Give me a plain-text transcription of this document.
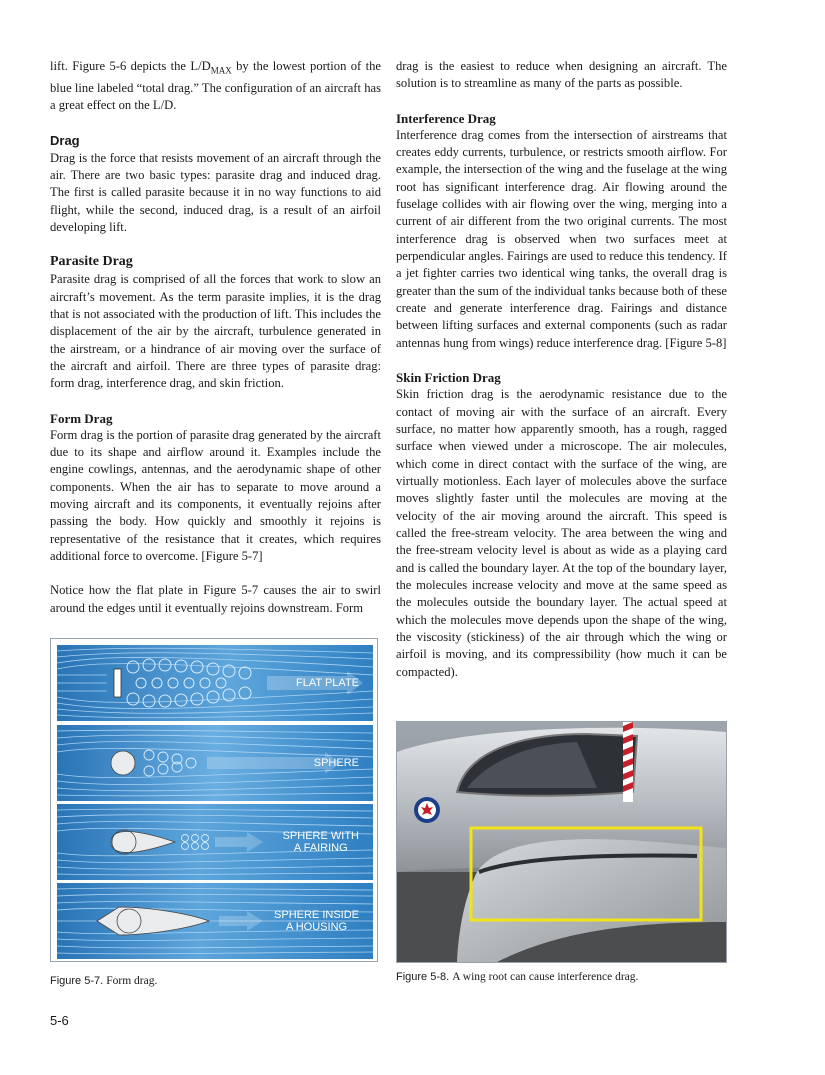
lift. Figure 5-6 depicts the $L/D_{MAX}$ by the lowest portion of the blue line labeled “total drag.” The configuration of an aircraft has a great effect on the L/D.

Drag

Drag is the force that resists movement of an aircraft through the air. There are two basic types: parasite drag and induced drag. The first is called parasite because it in no way functions to aid flight, while the second, induced drag, is a result of an airfoil developing lift.

Parasite Drag

Parasite drag is comprised of all the forces that work to slow an aircraft’s movement. As the term parasite implies, it is the drag that is not associated with the production of lift. This includes the displacement of the air by the aircraft, turbulence generated in the airstream, or a hindrance of air moving over the surface of the aircraft and airfoil. There are three types of parasite drag: form drag, interference drag, and skin friction.

Form Drag

Form drag is the portion of parasite drag generated by the aircraft due to its shape and airflow around it. Examples include the engine cowlings, antennas, and the aerodynamic shape of other components. When the air has to separate to move around a moving aircraft and its components, it eventually rejoins after passing the body. How quickly and smoothly it rejoins is representative of the resistance that it creates, which requires additional force to overcome. [Figure 5-7]

Notice how the flat plate in Figure 5-7 causes the air to swirl around the edges until it eventually rejoins downstream. Form

drag is the easiest to reduce when designing an aircraft. The solution is to streamline as many of the parts as possible.

Interference Drag

Interference drag comes from the intersection of airstreams that creates eddy currents, turbulence, or restricts smooth airflow. For example, the intersection of the wing and the fuselage at the wing root has significant interference drag. Air flowing around the fuselage collides with air flowing over the wing, merging into a current of air different from the two original currents. The most interference drag is observed when two surfaces meet at perpendicular angles. Fairings are used to reduce this tendency. If a jet fighter carries two identical wing tanks, the overall drag is greater than the sum of the individual tanks because both of these create and generate interference drag. Fairings and distance between lifting surfaces and external components (such as radar antennas hung from wings) reduce interference drag. [Figure 5-8]

Skin Friction Drag

Skin friction drag is the aerodynamic resistance due to the contact of moving air with the surface of an aircraft. Every surface, no matter how apparently smooth, has a rough, ragged surface when viewed under a microscope. The air molecules, which come in direct contact with the surface of the wing, are virtually motionless. Each layer of molecules above the surface moves slightly faster until the molecules are moving at the velocity of the air moving around the aircraft. This speed is called the free-stream velocity. The area between the wing and the free-stream velocity level is about as wide as a playing card and is called the boundary layer. At the top of the boundary layer, the molecules increase velocity and move at the same speed as the molecules outside the boundary layer. The actual speed at which the molecules move depends upon the shape of the wing, the viscosity (stickiness) of the air through which the wing or airfoil is moving, and its compressibility (how much it can be compacted).

FLAT PLATE
SPHERE
SPHERE WITH
A FAIRING
SPHERE INSIDE
A HOUSING
Figure 5-7. Form drag.	Figure 5-8. A wing root can cause interference drag.
5-6
